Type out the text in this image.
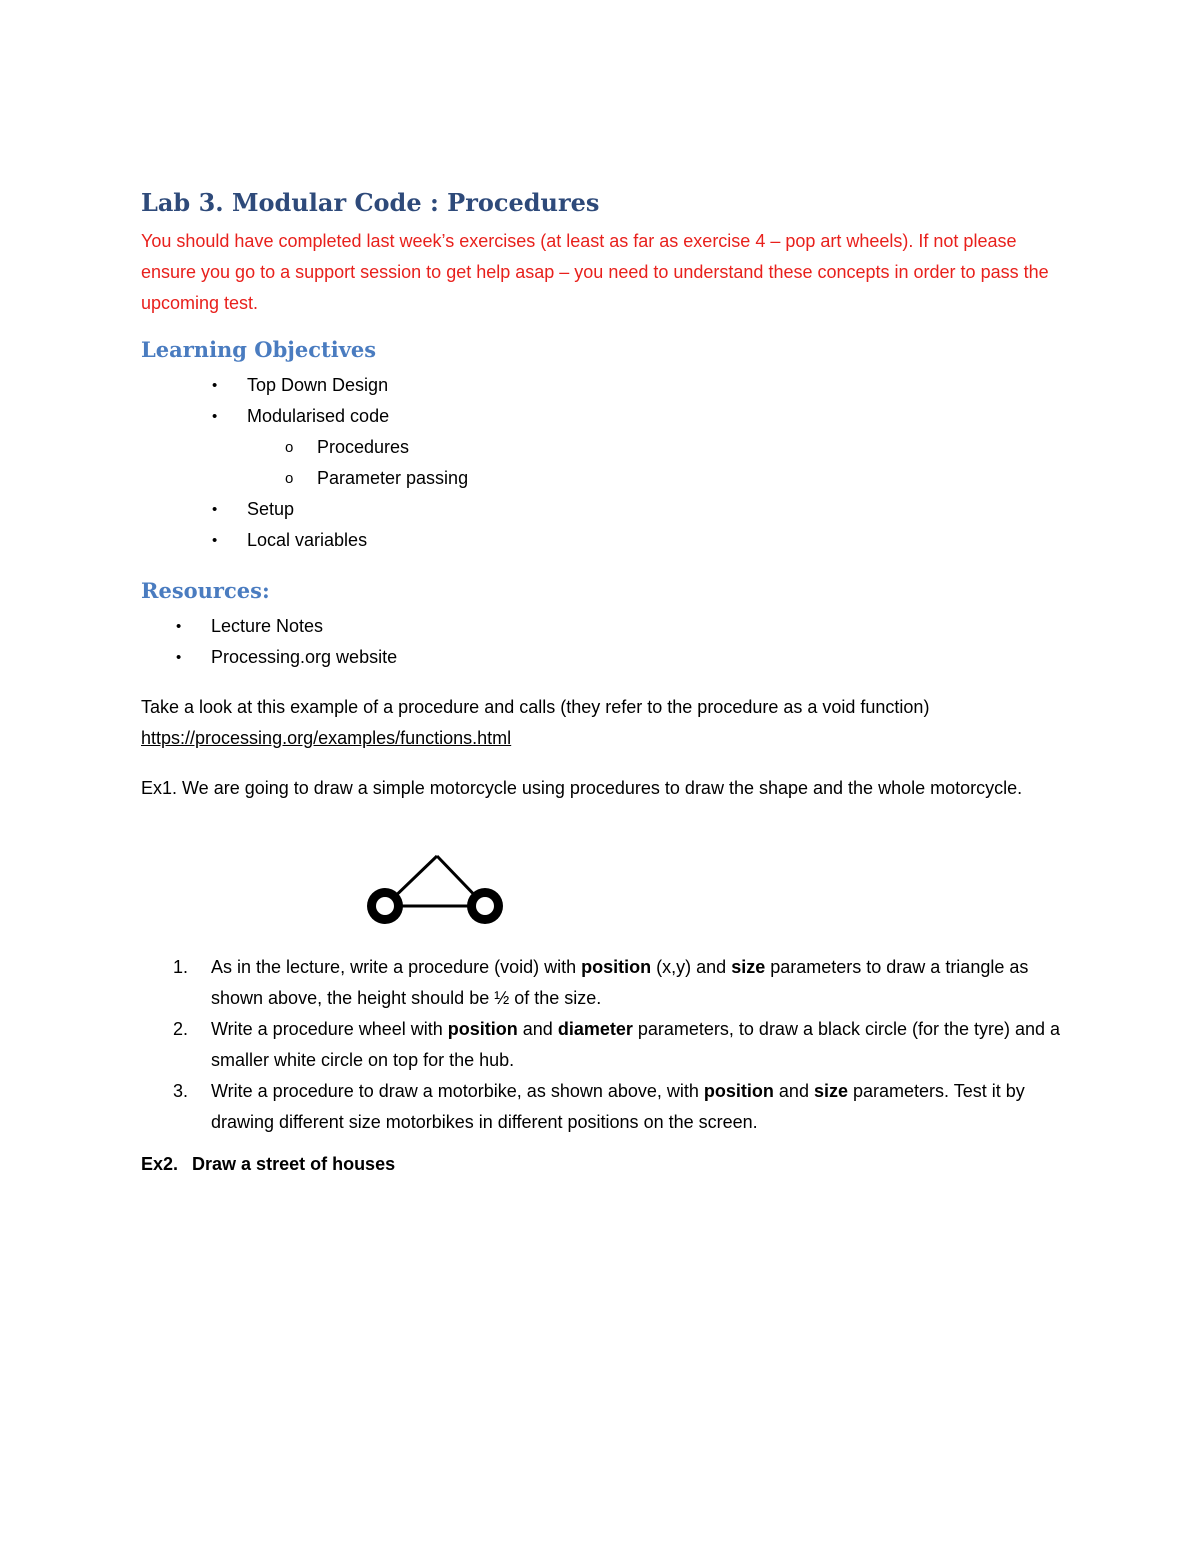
Lab 3. Modular Code : Procedures

You should have completed last week’s exercises (at least as far as exercise 4 – pop art wheels). If not please ensure you go to a support session to get help asap – you need to understand these concepts in order to pass the upcoming test.

Learning Objectives
• Top Down Design
• Modularised code
o Procedures
o Parameter passing
• Setup
• Local variables
Resources:
• Lecture Notes
• Processing.org website

Take a look at this example of a procedure and calls (they refer to the procedure as a void function)
https://processing.org/examples/functions.html

Ex1. We are going to draw a simple motorcycle using procedures to draw the shape and the whole motorcycle.

1. As in the lecture, write a procedure (void) with position (x,y) and size parameters to draw a triangle as shown above, the height should be ½ of the size.
2. Write a procedure wheel with position and diameter parameters, to draw a black circle (for the tyre) and a smaller white circle on top for the hub.
3. Write a procedure to draw a motorbike, as shown above, with position and size parameters. Test it by drawing different size motorbikes in different positions on the screen.

Ex2. Draw a street of houses
